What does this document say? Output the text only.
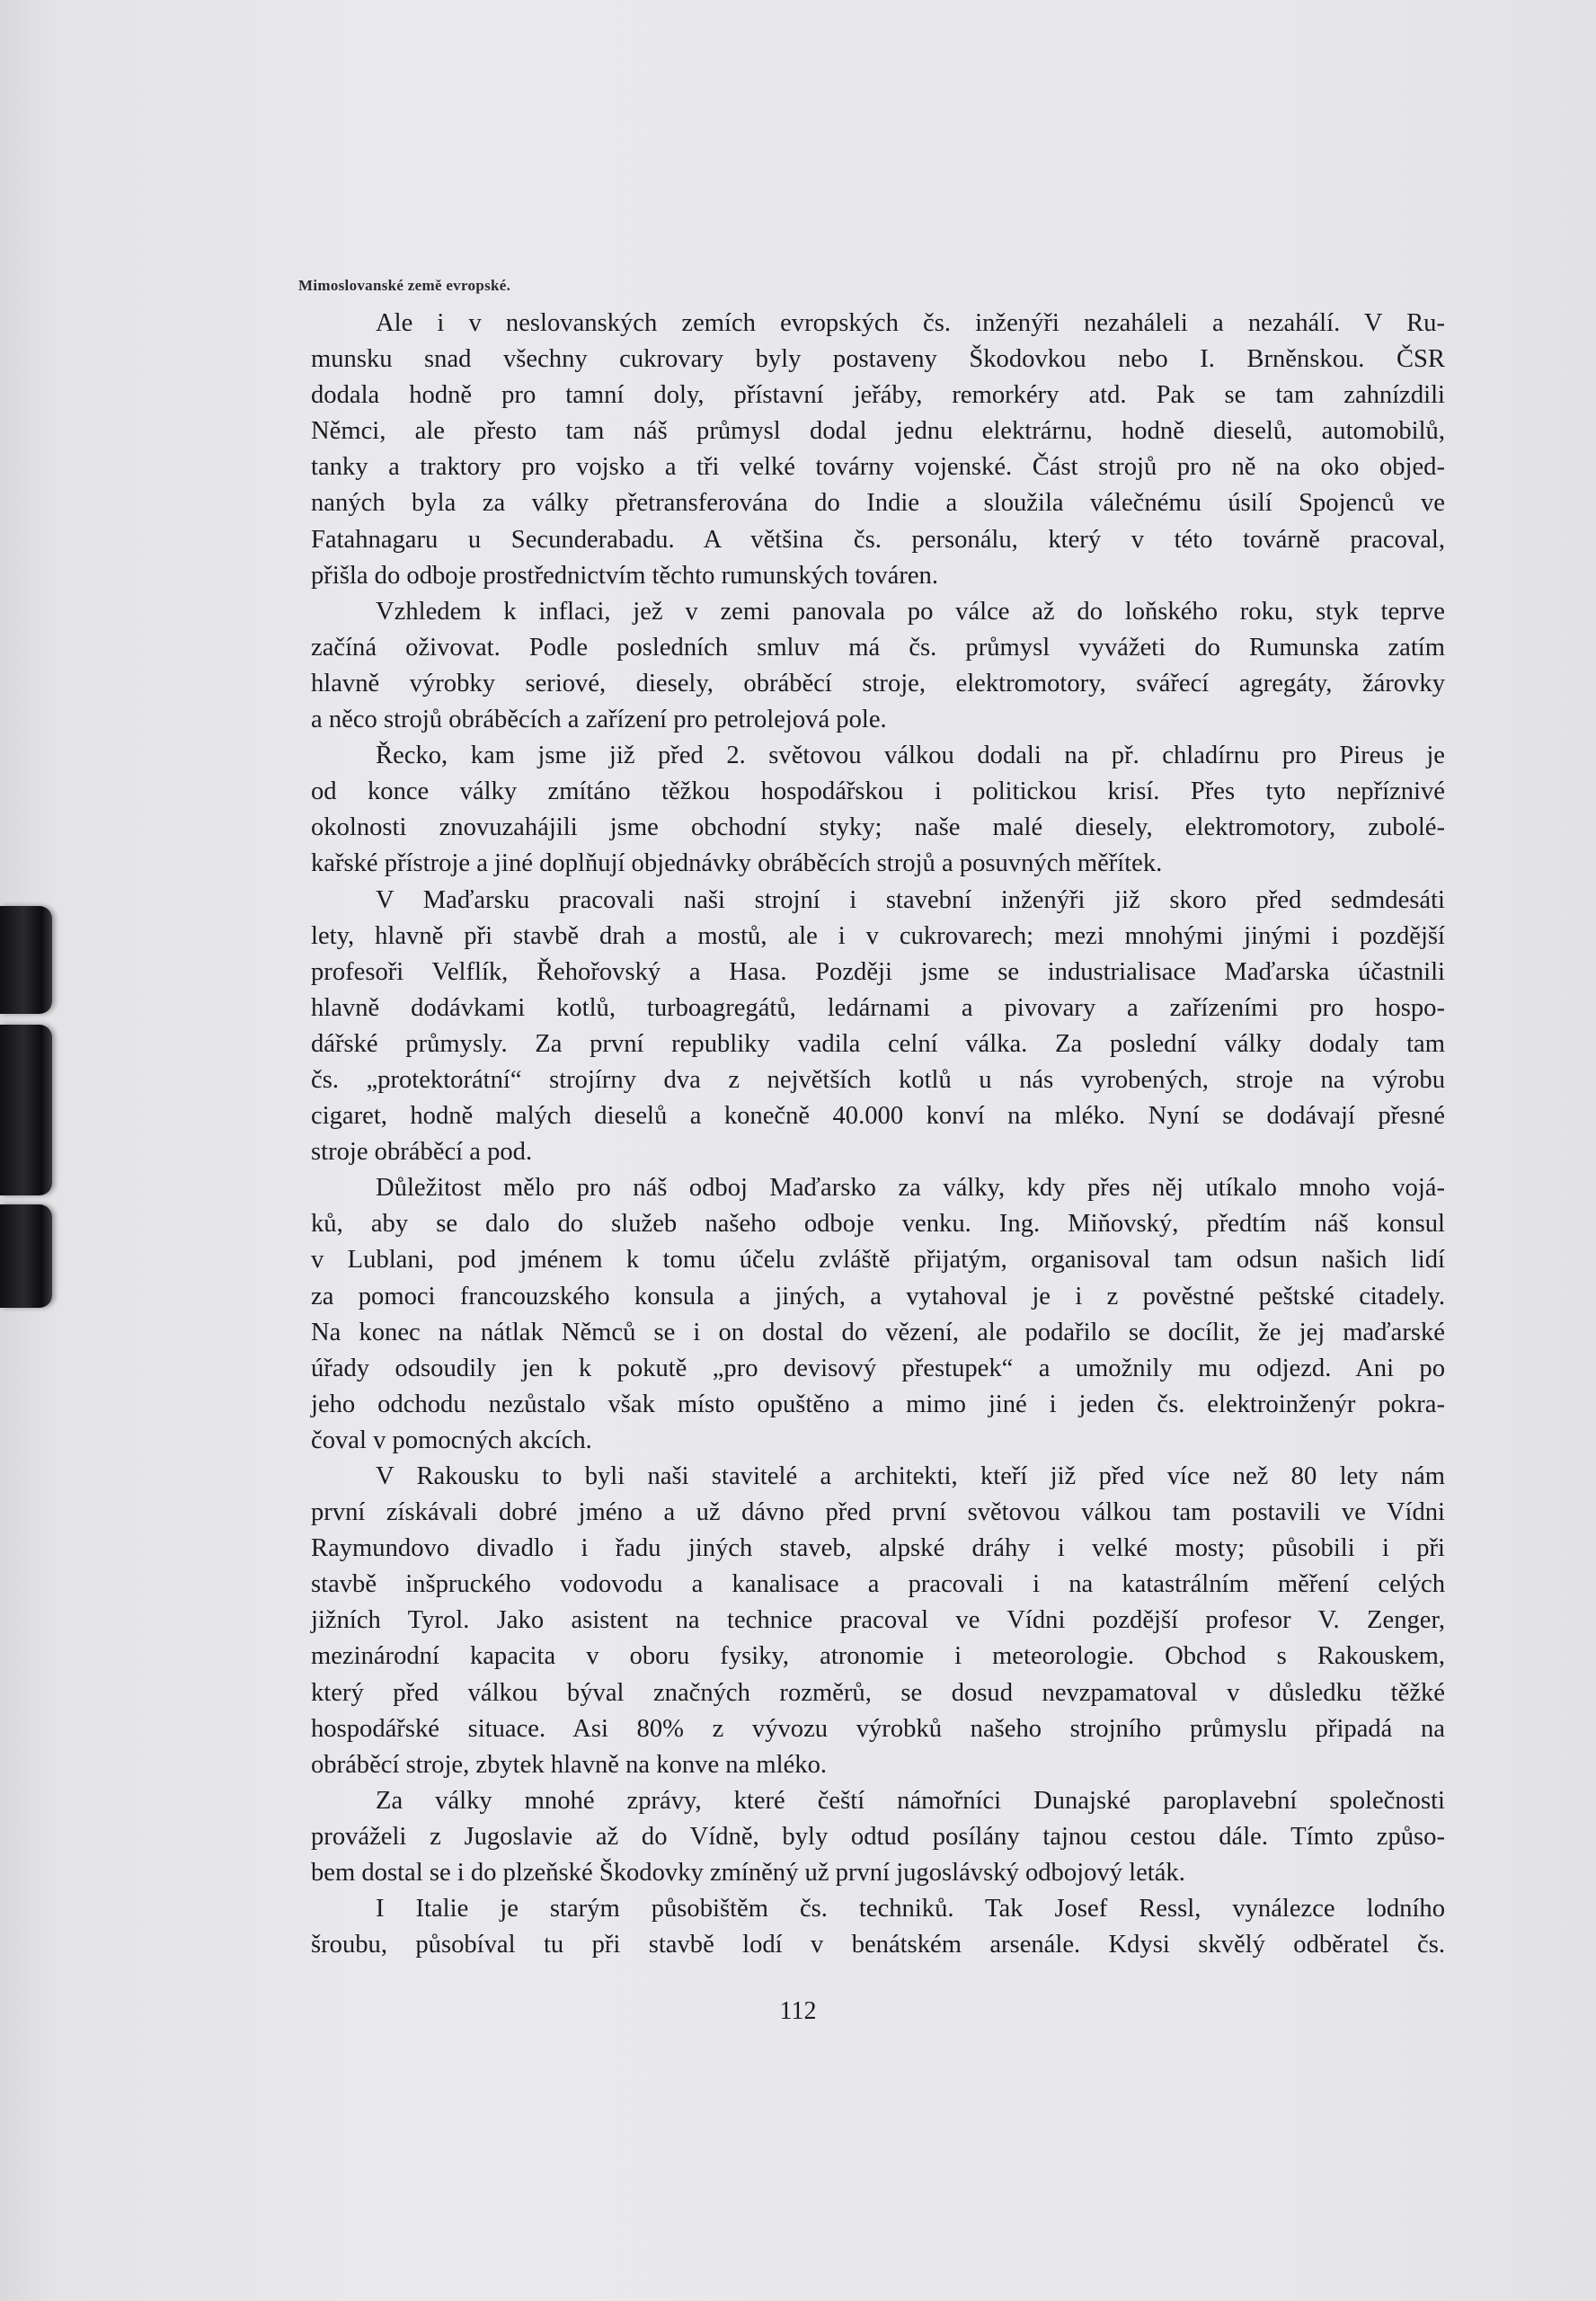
Mimoslovanské země evropské.
Ale i v neslovanských zemích evropských čs. inženýři nezaháleli a nezahálí. V Ru-
munsku snad všechny cukrovary byly postaveny Škodovkou nebo I. Brněnskou. ČSR
dodala hodně pro tamní doly, přístavní jeřáby, remorkéry atd. Pak se tam zahnízdili
Němci, ale přesto tam náš průmysl dodal jednu elektrárnu, hodně dieselů, automobilů,
tanky a traktory pro vojsko a tři velké továrny vojenské. Část strojů pro ně na oko objed-
naných byla za války přetransferována do Indie a sloužila válečnému úsilí Spojenců ve
Fatahnagaru u Secunderabadu. A většina čs. personálu, který v této továrně pracoval,
přišla do odboje prostřednictvím těchto rumunských továren.
Vzhledem k inflaci, jež v zemi panovala po válce až do loňského roku, styk teprve
začíná oživovat. Podle posledních smluv má čs. průmysl vyvážeti do Rumunska zatím
hlavně výrobky seriové, diesely, obráběcí stroje, elektromotory, svářecí agregáty, žárovky
a něco strojů obráběcích a zařízení pro petrolejová pole.
Řecko, kam jsme již před 2. světovou válkou dodali na př. chladírnu pro Pireus je
od konce války zmítáno těžkou hospodářskou i politickou krisí. Přes tyto nepříznivé
okolnosti znovuzahájili jsme obchodní styky; naše malé diesely, elektromotory, zubolé-
kařské přístroje a jiné doplňují objednávky obráběcích strojů a posuvných měřítek.
V Maďarsku pracovali naši strojní i stavební inženýři již skoro před sedmdesáti
lety, hlavně při stavbě drah a mostů, ale i v cukrovarech; mezi mnohými jinými i pozdější
profesoři Velflík, Řehořovský a Hasa. Později jsme se industrialisace Maďarska účastnili
hlavně dodávkami kotlů, turboagregátů, ledárnami a pivovary a zařízeními pro hospo-
dářské průmysly. Za první republiky vadila celní válka. Za poslední války dodaly tam
čs. „protektorátní“ strojírny dva z největších kotlů u nás vyrobených, stroje na výrobu
cigaret, hodně malých dieselů a konečně 40.000 konví na mléko. Nyní se dodávají přesné
stroje obráběcí a pod.
Důležitost mělo pro náš odboj Maďarsko za války, kdy přes něj utíkalo mnoho vojá-
ků, aby se dalo do služeb našeho odboje venku. Ing. Miňovský, předtím náš konsul
v Lublani, pod jménem k tomu účelu zvláště přijatým, organisoval tam odsun našich lidí
za pomoci francouzského konsula a jiných, a vytahoval je i z pověstné peštské citadely.
Na konec na nátlak Němců se i on dostal do vězení, ale podařilo se docílit, že jej maďarské
úřady odsoudily jen k pokutě „pro devisový přestupek“ a umožnily mu odjezd. Ani po
jeho odchodu nezůstalo však místo opuštěno a mimo jiné i jeden čs. elektroinženýr pokra-
čoval v pomocných akcích.
V Rakousku to byli naši stavitelé a architekti, kteří již před více než 80 lety nám
první získávali dobré jméno a už dávno před první světovou válkou tam postavili ve Vídni
Raymundovo divadlo i řadu jiných staveb, alpské dráhy i velké mosty; působili i při
stavbě inšpruckého vodovodu a kanalisace a pracovali i na katastrálním měření celých
jižních Tyrol. Jako asistent na technice pracoval ve Vídni pozdější profesor V. Zenger,
mezinárodní kapacita v oboru fysiky, atronomie i meteorologie. Obchod s Rakouskem,
který před válkou býval značných rozměrů, se dosud nevzpamatoval v důsledku těžké
hospodářské situace. Asi 80% z vývozu výrobků našeho strojního průmyslu připadá na
obráběcí stroje, zbytek hlavně na konve na mléko.
Za války mnohé zprávy, které čeští námořníci Dunajské paroplavební společnosti
prováželi z Jugoslavie až do Vídně, byly odtud posílány tajnou cestou dále. Tímto způso-
bem dostal se i do plzeňské Škodovky zmíněný už první jugoslávský odbojový leták.
I Italie je starým působištěm čs. techniků. Tak Josef Ressl, vynálezce lodního
šroubu, působíval tu při stavbě lodí v benátském arsenále. Kdysi skvělý odběratel čs.
112
